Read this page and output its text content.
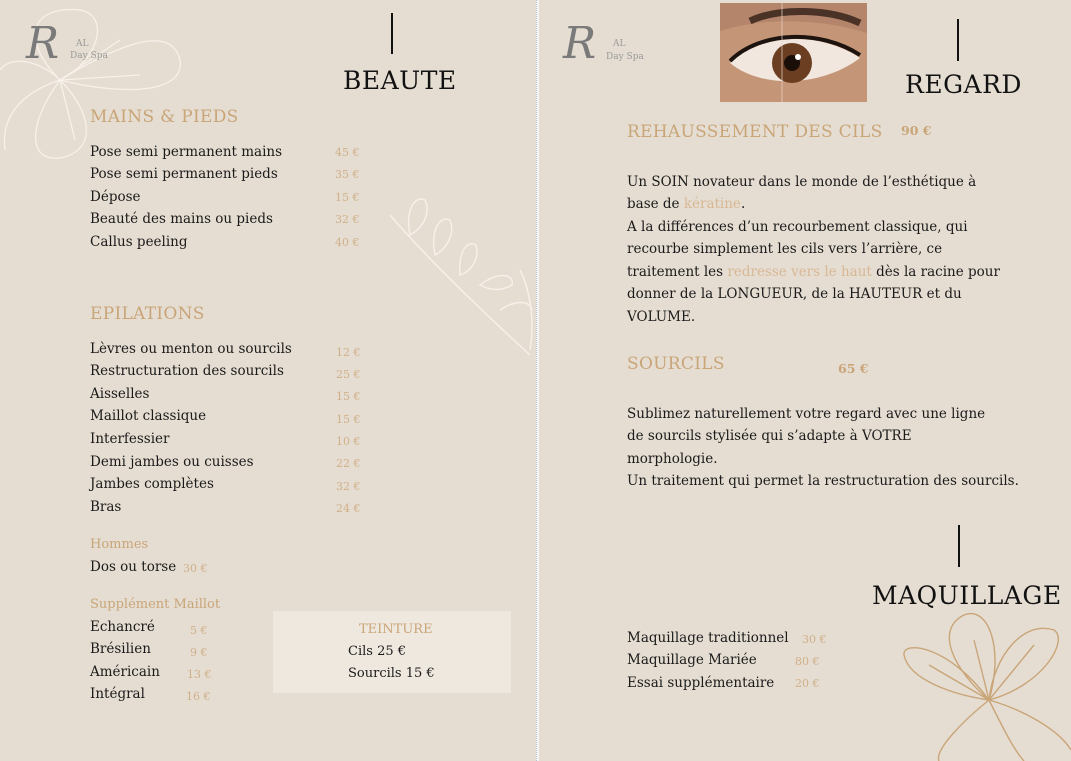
R AL
Day Spa
BEAUTE
MAINS & PIEDS
Pose semi permanent mains	45 €
Pose semi permanent pieds	35 €
Dépose	15 €
Beauté des mains ou pieds	32 €
Callus peeling	40 €
EPILATIONS
Lèvres ou menton ou sourcils	12 €
Restructuration des sourcils	25 €
Aisselles	15 €
Maillot classique	15 €
Interfessier	10 €
Demi jambes ou cuisses	22 €
Jambes complètes	32 €
Bras	24 €
Hommes
Dos ou torse 30 €
Supplément Maillot
Echancré	5 €
Brésilien	9 €
Américain 13 €
Intégral	16 €
TEINTURE
Cils 25 €
Sourcils 15 €
R AL
Day Spa
REGARD
REHAUSSEMENT DES CILS 90 €
Un SOIN novateur dans le monde de l’esthétique à base de kératine.
A la différences d’un recourbement classique, qui recourbe simplement les cils vers l’arrière, ce traitement les redresse vers le haut dès la racine pour donner de la LONGUEUR, de la HAUTEUR et du VOLUME.
SOURCILS	65 €
Sublimez naturellement votre regard avec une ligne de sourcils stylisée qui s’adapte à VOTRE morphologie.
Un traitement qui permet la restructuration des sourcils.
MAQUILLAGE
Maquillage traditionnel 30 €
Maquillage Mariée	80 €
Essai supplémentaire 20 €
